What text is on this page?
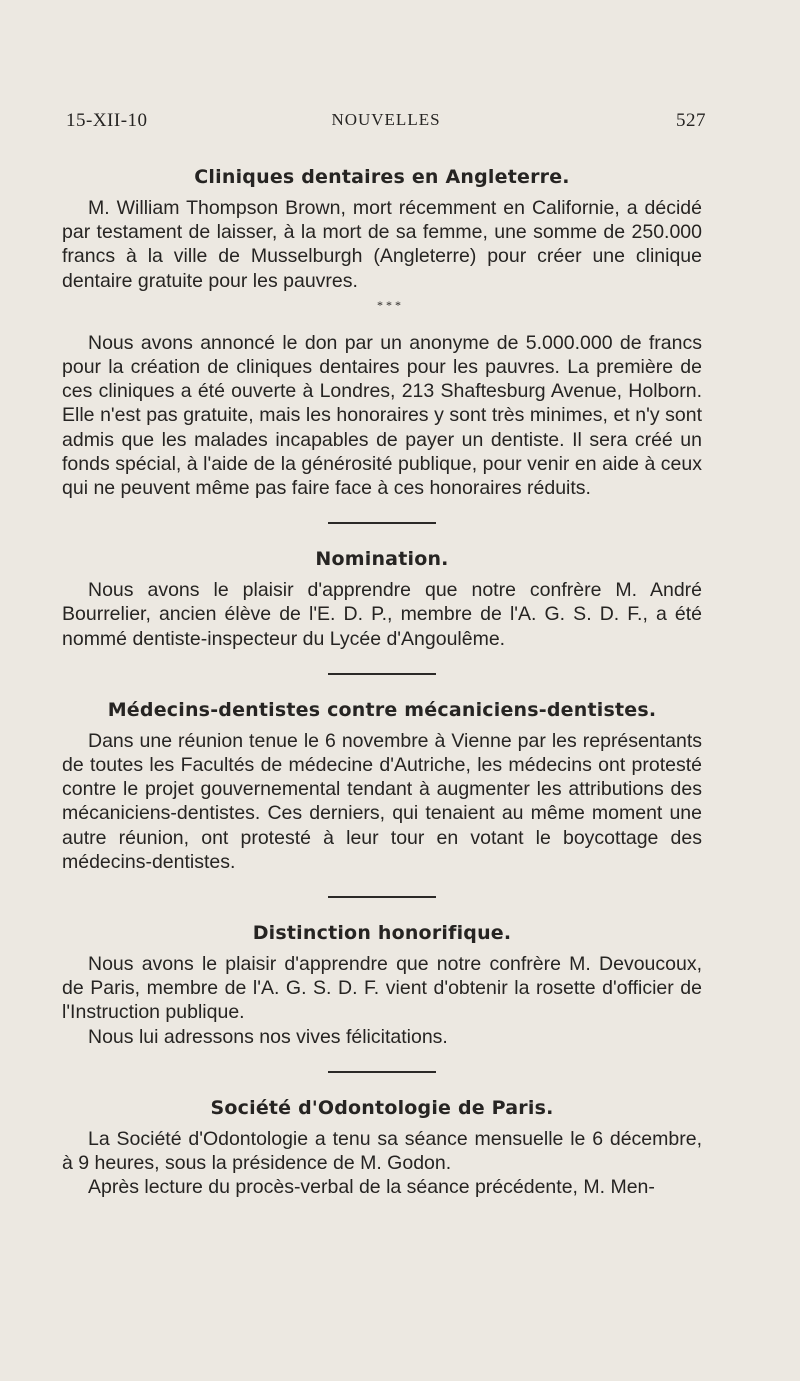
15-XII-10	NOUVELLES	527
Cliniques dentaires en Angleterre.

M. William Thompson Brown, mort récemment en Californie, a décidé par testament de laisser, à la mort de sa femme, une somme de 250.000 francs à la ville de Musselburgh (Angleterre) pour créer une clinique dentaire gratuite pour les pauvres.

* * *

Nous avons annoncé le don par un anonyme de 5.000.000 de francs pour la création de cliniques dentaires pour les pauvres. La première de ces cliniques a été ouverte à Londres, 213 Shaftesburg Avenue, Holborn. Elle n'est pas gratuite, mais les honoraires y sont très minimes, et n'y sont admis que les malades incapables de payer un dentiste. Il sera créé un fonds spécial, à l'aide de la générosité publique, pour venir en aide à ceux qui ne peuvent même pas faire face à ces honoraires réduits.

Nomination.

Nous avons le plaisir d'apprendre que notre confrère M. André Bourrelier, ancien élève de l'E. D. P., membre de l'A. G. S. D. F., a été nommé dentiste-inspecteur du Lycée d'Angoulême.

Médecins-dentistes contre mécaniciens-dentistes.

Dans une réunion tenue le 6 novembre à Vienne par les représentants de toutes les Facultés de médecine d'Autriche, les médecins ont protesté contre le projet gouvernemental tendant à augmenter les attributions des mécaniciens-dentistes. Ces derniers, qui tenaient au même moment une autre réunion, ont protesté à leur tour en votant le boycottage des médecins-dentistes.

Distinction honorifique.

Nous avons le plaisir d'apprendre que notre confrère M. Devoucoux, de Paris, membre de l'A. G. S. D. F. vient d'obtenir la rosette d'officier de l'Instruction publique.

Nous lui adressons nos vives félicitations.

Société d'Odontologie de Paris.

La Société d'Odontologie a tenu sa séance mensuelle le 6 décembre, à 9 heures, sous la présidence de M. Godon.

Après lecture du procès-verbal de la séance précédente, M. Men-
